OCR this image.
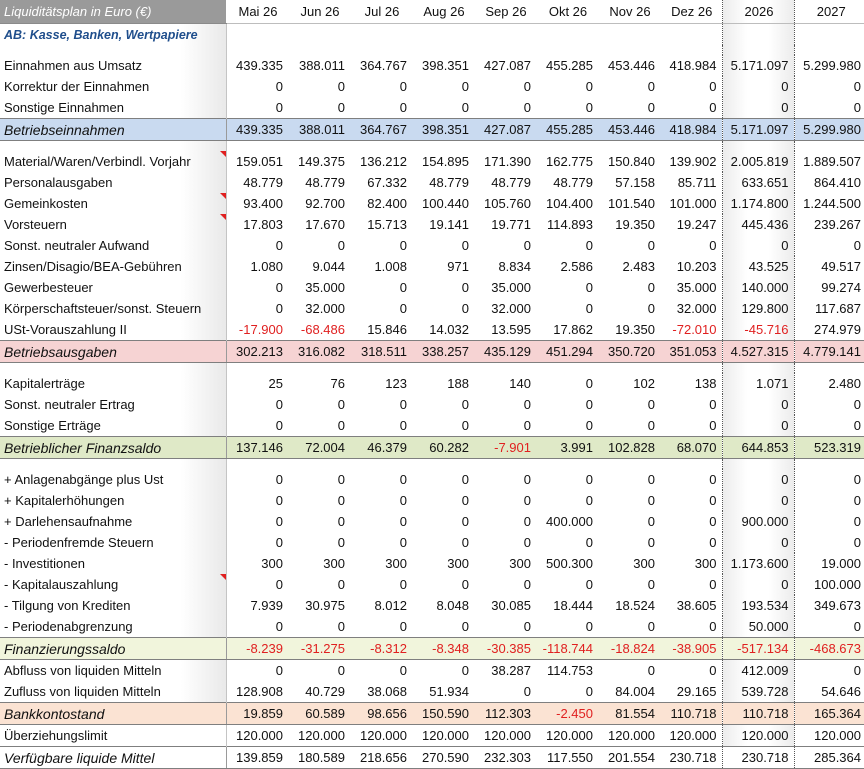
Liquiditätsplan in Euro (€)	Mai 26	Jun 26	Jul 26	Aug 26	Sep 26	Okt 26	Nov 26	Dez 26	2026	2027
AB: Kasse, Banken, Wertpapiere										

Einnahmen aus Umsatz	439.335	388.011	364.767	398.351	427.087	455.285	453.446	418.984	5.171.097	5.299.980
Korrektur der Einnahmen	0	0	0	0	0	0	0	0	0	0
Sonstige Einnahmen	0	0	0	0	0	0	0	0	0	0
Betriebseinnahmen	439.335	388.011	364.767	398.351	427.087	455.285	453.446	418.984	5.171.097	5.299.980

Material/Waren/Verbindl. Vorjahr	159.051	149.375	136.212	154.895	171.390	162.775	150.840	139.902	2.005.819	1.889.507
Personalausgaben	48.779	48.779	67.332	48.779	48.779	48.779	57.158	85.711	633.651	864.410
Gemeinkosten	93.400	92.700	82.400	100.440	105.760	104.400	101.540	101.000	1.174.800	1.244.500
Vorsteuern	17.803	17.670	15.713	19.141	19.771	114.893	19.350	19.247	445.436	239.267
Sonst. neutraler Aufwand	0	0	0	0	0	0	0	0	0	0
Zinsen/Disagio/BEA-Gebühren	1.080	9.044	1.008	971	8.834	2.586	2.483	10.203	43.525	49.517
Gewerbesteuer	0	35.000	0	0	35.000	0	0	35.000	140.000	99.274
Körperschaftsteuer/sonst. Steuern	0	32.000	0	0	32.000	0	0	32.000	129.800	117.687
USt-Vorauszahlung II	-17.900	-68.486	15.846	14.032	13.595	17.862	19.350	-72.010	-45.716	274.979
Betriebsausgaben	302.213	316.082	318.511	338.257	435.129	451.294	350.720	351.053	4.527.315	4.779.141

Kapitalerträge	25	76	123	188	140	0	102	138	1.071	2.480
Sonst. neutraler Ertrag	0	0	0	0	0	0	0	0	0	0
Sonstige Erträge	0	0	0	0	0	0	0	0	0	0
Betrieblicher Finanzsaldo	137.146	72.004	46.379	60.282	-7.901	3.991	102.828	68.070	644.853	523.319

+ Anlagenabgänge plus Ust	0	0	0	0	0	0	0	0	0	0
+ Kapitalerhöhungen	0	0	0	0	0	0	0	0	0	0
+ Darlehensaufnahme	0	0	0	0	0	400.000	0	0	900.000	0
- Periodenfremde Steuern	0	0	0	0	0	0	0	0	0	0
- Investitionen	300	300	300	300	300	500.300	300	300	1.173.600	19.000
- Kapitalauszahlung	0	0	0	0	0	0	0	0	0	100.000
- Tilgung von Krediten	7.939	30.975	8.012	8.048	30.085	18.444	18.524	38.605	193.534	349.673
- Periodenabgrenzung	0	0	0	0	0	0	0	0	50.000	0
Finanzierungssaldo	-8.239	-31.275	-8.312	-8.348	-30.385	-118.744	-18.824	-38.905	-517.134	-468.673
Abfluss von liquiden Mitteln	0	0	0	0	38.287	114.753	0	0	412.009	0
Zufluss von liquiden Mitteln	128.908	40.729	38.068	51.934	0	0	84.004	29.165	539.728	54.646
Bankkontostand	19.859	60.589	98.656	150.590	112.303	-2.450	81.554	110.718	110.718	165.364
Überziehungslimit	120.000	120.000	120.000	120.000	120.000	120.000	120.000	120.000	120.000	120.000
Verfügbare liquide Mittel	139.859	180.589	218.656	270.590	232.303	117.550	201.554	230.718	230.718	285.364
